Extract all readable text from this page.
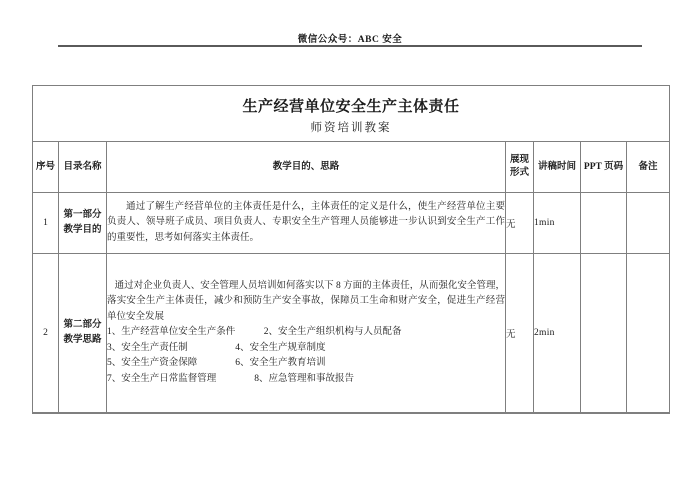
微信公众号：ABC 安全
生产经营单位安全生产主体责任
师资培训教案						

序号	目录名称	教学目的、思路	展现形式	讲稿时间	PPT 页码	备注
1	第一部分教学目的	通过了解生产经营单位的主体责任是什么，主体责任的定义是什么，使生产经营单位主要负责人、领导班子成员、项目负责人、专职安全生产管理人员能够进一步认识到安全生产工作的重要性，思考如何落实主体责任。	无	1min		
2	第二部分教学思路	通过对企业负责人、安全管理人员培训如何落实以下 8 方面的主体责任，从而强化安全管理，落实安全生产主体责任，减少和预防生产安全事故，保障员工生命和财产安全，促进生产经营单位安全发展

1、生产经营单位安全生产条件　　　2、安全生产组织机构与人员配备
3、安全生产责任制　　　　　4、安全生产规章制度
5、安全生产资金保障　　　　6、安全生产教育培训
7、安全生产日常监督管理　　　　8、应急管理和事故报告	无	2min		
